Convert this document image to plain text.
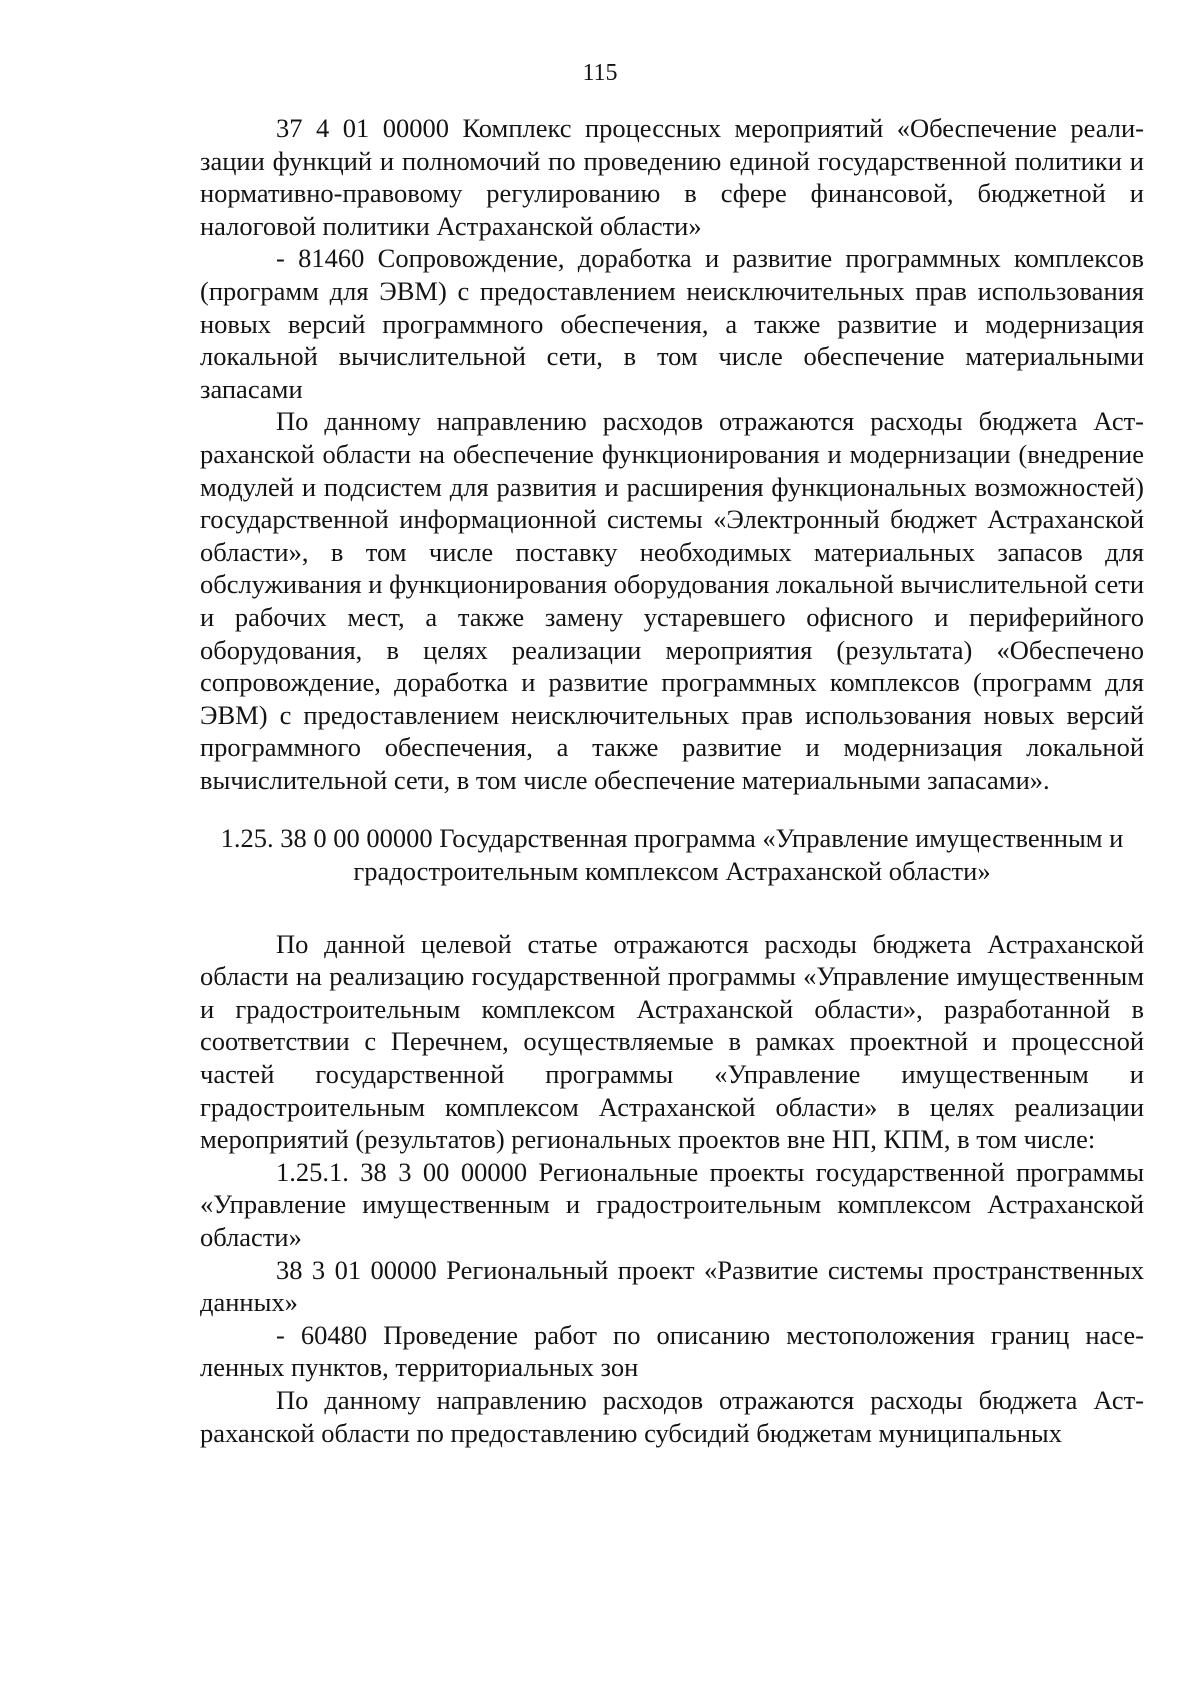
115

37 4 01 00000 Комплекс процессных мероприятий «Обеспечение реализации функций и полномочий по проведению единой государственной политики и нормативно-правовому регулированию в сфере финансовой, бюджетной и налоговой политики Астраханской области»

- 81460 Сопровождение, доработка и развитие программных комплексов (программ для ЭВМ) с предоставлением неисключительных прав использования новых версий программного обеспечения, а также развитие и модернизация локальной вычислительной сети, в том числе обеспечение материальными запасами

По данному направлению расходов отражаются расходы бюджета Астраханской области на обеспечение функционирования и модернизации (внедрение модулей и подсистем для развития и расширения функциональных возможностей) государственной информационной системы «Электронный бюджет Астраханской области», в том числе поставку необходимых материальных запасов для обслуживания и функционирования оборудования локальной вычислительной сети и рабочих мест, а также замену устаревшего офисного и периферийного оборудования, в целях реализации мероприятия (результата) «Обеспечено сопровождение, доработка и развитие программных комплексов (программ для ЭВМ) с предоставлением неисключительных прав использования новых версий программного обеспечения, а также развитие и модернизация локальной вычислительной сети, в том числе обеспечение материальными запасами».

1.25. 38 0 00 00000 Государственная программа «Управление имущественным и градостроительным комплексом Астраханской области»

По данной целевой статье отражаются расходы бюджета Астраханской области на реализацию государственной программы «Управление имущественным и градостроительным комплексом Астраханской области», разработанной в соответствии с Перечнем, осуществляемые в рамках проектной и процессной частей государственной программы «Управление имущественным и градостроительным комплексом Астраханской области» в целях реализации мероприятий (результатов) региональных проектов вне НП, КПМ, в том числе:

1.25.1. 38 3 00 00000 Региональные проекты государственной программы «Управление имущественным и градостроительным комплексом Астраханской области»

38 3 01 00000 Региональный проект «Развитие системы пространственных данных»

- 60480 Проведение работ по описанию местоположения границ населенных пунктов, территориальных зон

По данному направлению расходов отражаются расходы бюджета Астраханской области по предоставлению субсидий бюджетам муниципальных
